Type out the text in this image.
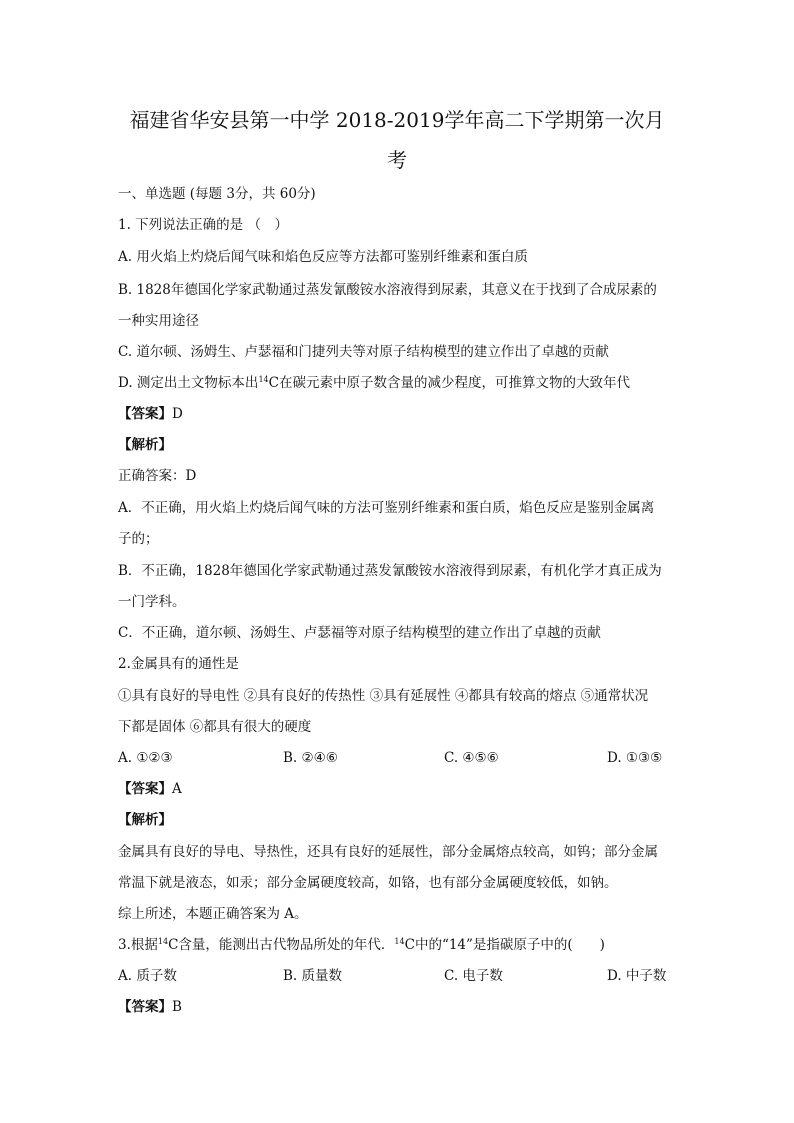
福建省华安县第一中学 2018-2019学年高二下学期第一次月
考
一、单选题 (每题 3分，共 60分)
1. 下列说法正确的是 （　）
A. 用火焰上灼烧后闻气味和焰色反应等方法都可鉴别纤维素和蛋白质
B. 1828年德国化学家武勒通过蒸发氰酸铵水溶液得到尿素，其意义在于找到了合成尿素的
一种实用途径
C. 道尔顿、汤姆生、卢瑟福和门捷列夫等对原子结构模型的建立作出了卓越的贡献
D. 测定出土文物标本出$^{14}$C在碳元素中原子数含量的减少程度，可推算文物的大致年代
【答案】D
【解析】
正确答案：D
A．不正确，用火焰上灼烧后闻气味的方法可鉴别纤维素和蛋白质，焰色反应是鉴别金属离
子的；
B．不正确，1828年德国化学家武勒通过蒸发氰酸铵水溶液得到尿素，有机化学才真正成为
一门学科。
C．不正确，道尔顿、汤姆生、卢瑟福等对原子结构模型的建立作出了卓越的贡献
2.金属具有的通性是
①具有良好的导电性 ②具有良好的传热性 ③具有延展性 ④都具有较高的熔点 ⑤通常状况
下都是固体 ⑥都具有很大的硬度
A. ①②③	B. ②④⑥	C. ④⑤⑥	D. ①③⑤
【答案】A
【解析】
金属具有良好的导电、导热性，还具有良好的延展性，部分金属熔点较高，如钨；部分金属
常温下就是液态，如汞；部分金属硬度较高，如铬，也有部分金属硬度较低，如钠。
综上所述，本题正确答案为 A。
3.根据$^{14}$C含量，能测出古代物品所处的年代．$^{14}$C中的“14”是指碳原子中的(　　)
A. 质子数	B. 质量数	C. 电子数	D. 中子数
【答案】B
